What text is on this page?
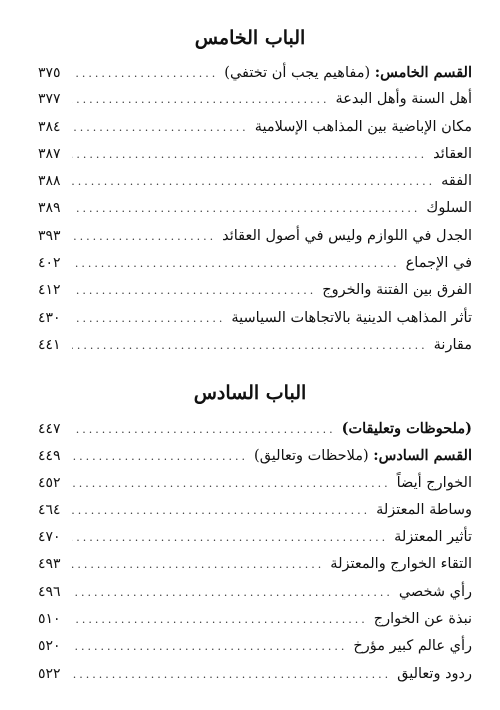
الباب الخامس
القسم الخامس: (مفاهيم يجب أن تختفي)
.....
٣٧٥
أهل السنة وأهل البدعة
.....
٣٧٧
مكان الإباضية بين المذاهب الإسلامية
.....
٣٨٤
العقائد
.....
٣٨٧
الفقه
.....
٣٨٨
السلوك
.....
٣٨٩
الجدل في اللوازم وليس في أصول العقائد
.....
٣٩٣
في الإجماع
.....
٤٠٢
الفرق بين الفتنة والخروج
.....
٤١٢
تأثر المذاهب الدينية بالاتجاهات السياسية
.....
٤٣٠
مقارنة
.....
٤٤١
الباب السادس
(ملحوظات وتعليقات)
.....
٤٤٧
القسم السادس: (ملاحظات وتعاليق)
.....
٤٤٩
الخوارج أيضاً
.....
٤٥٢
وساطة المعتزلة
.....
٤٦٤
تأثير المعتزلة
.....
٤٧٠
التقاء الخوارج والمعتزلة
.....
٤٩٣
رأي شخصي
.....
٤٩٦
نبذة عن الخوارج
.....
٥١٠
رأي عالم كبير مؤرخ
.....
٥٢٠
ردود وتعاليق
.....
٥٢٢
